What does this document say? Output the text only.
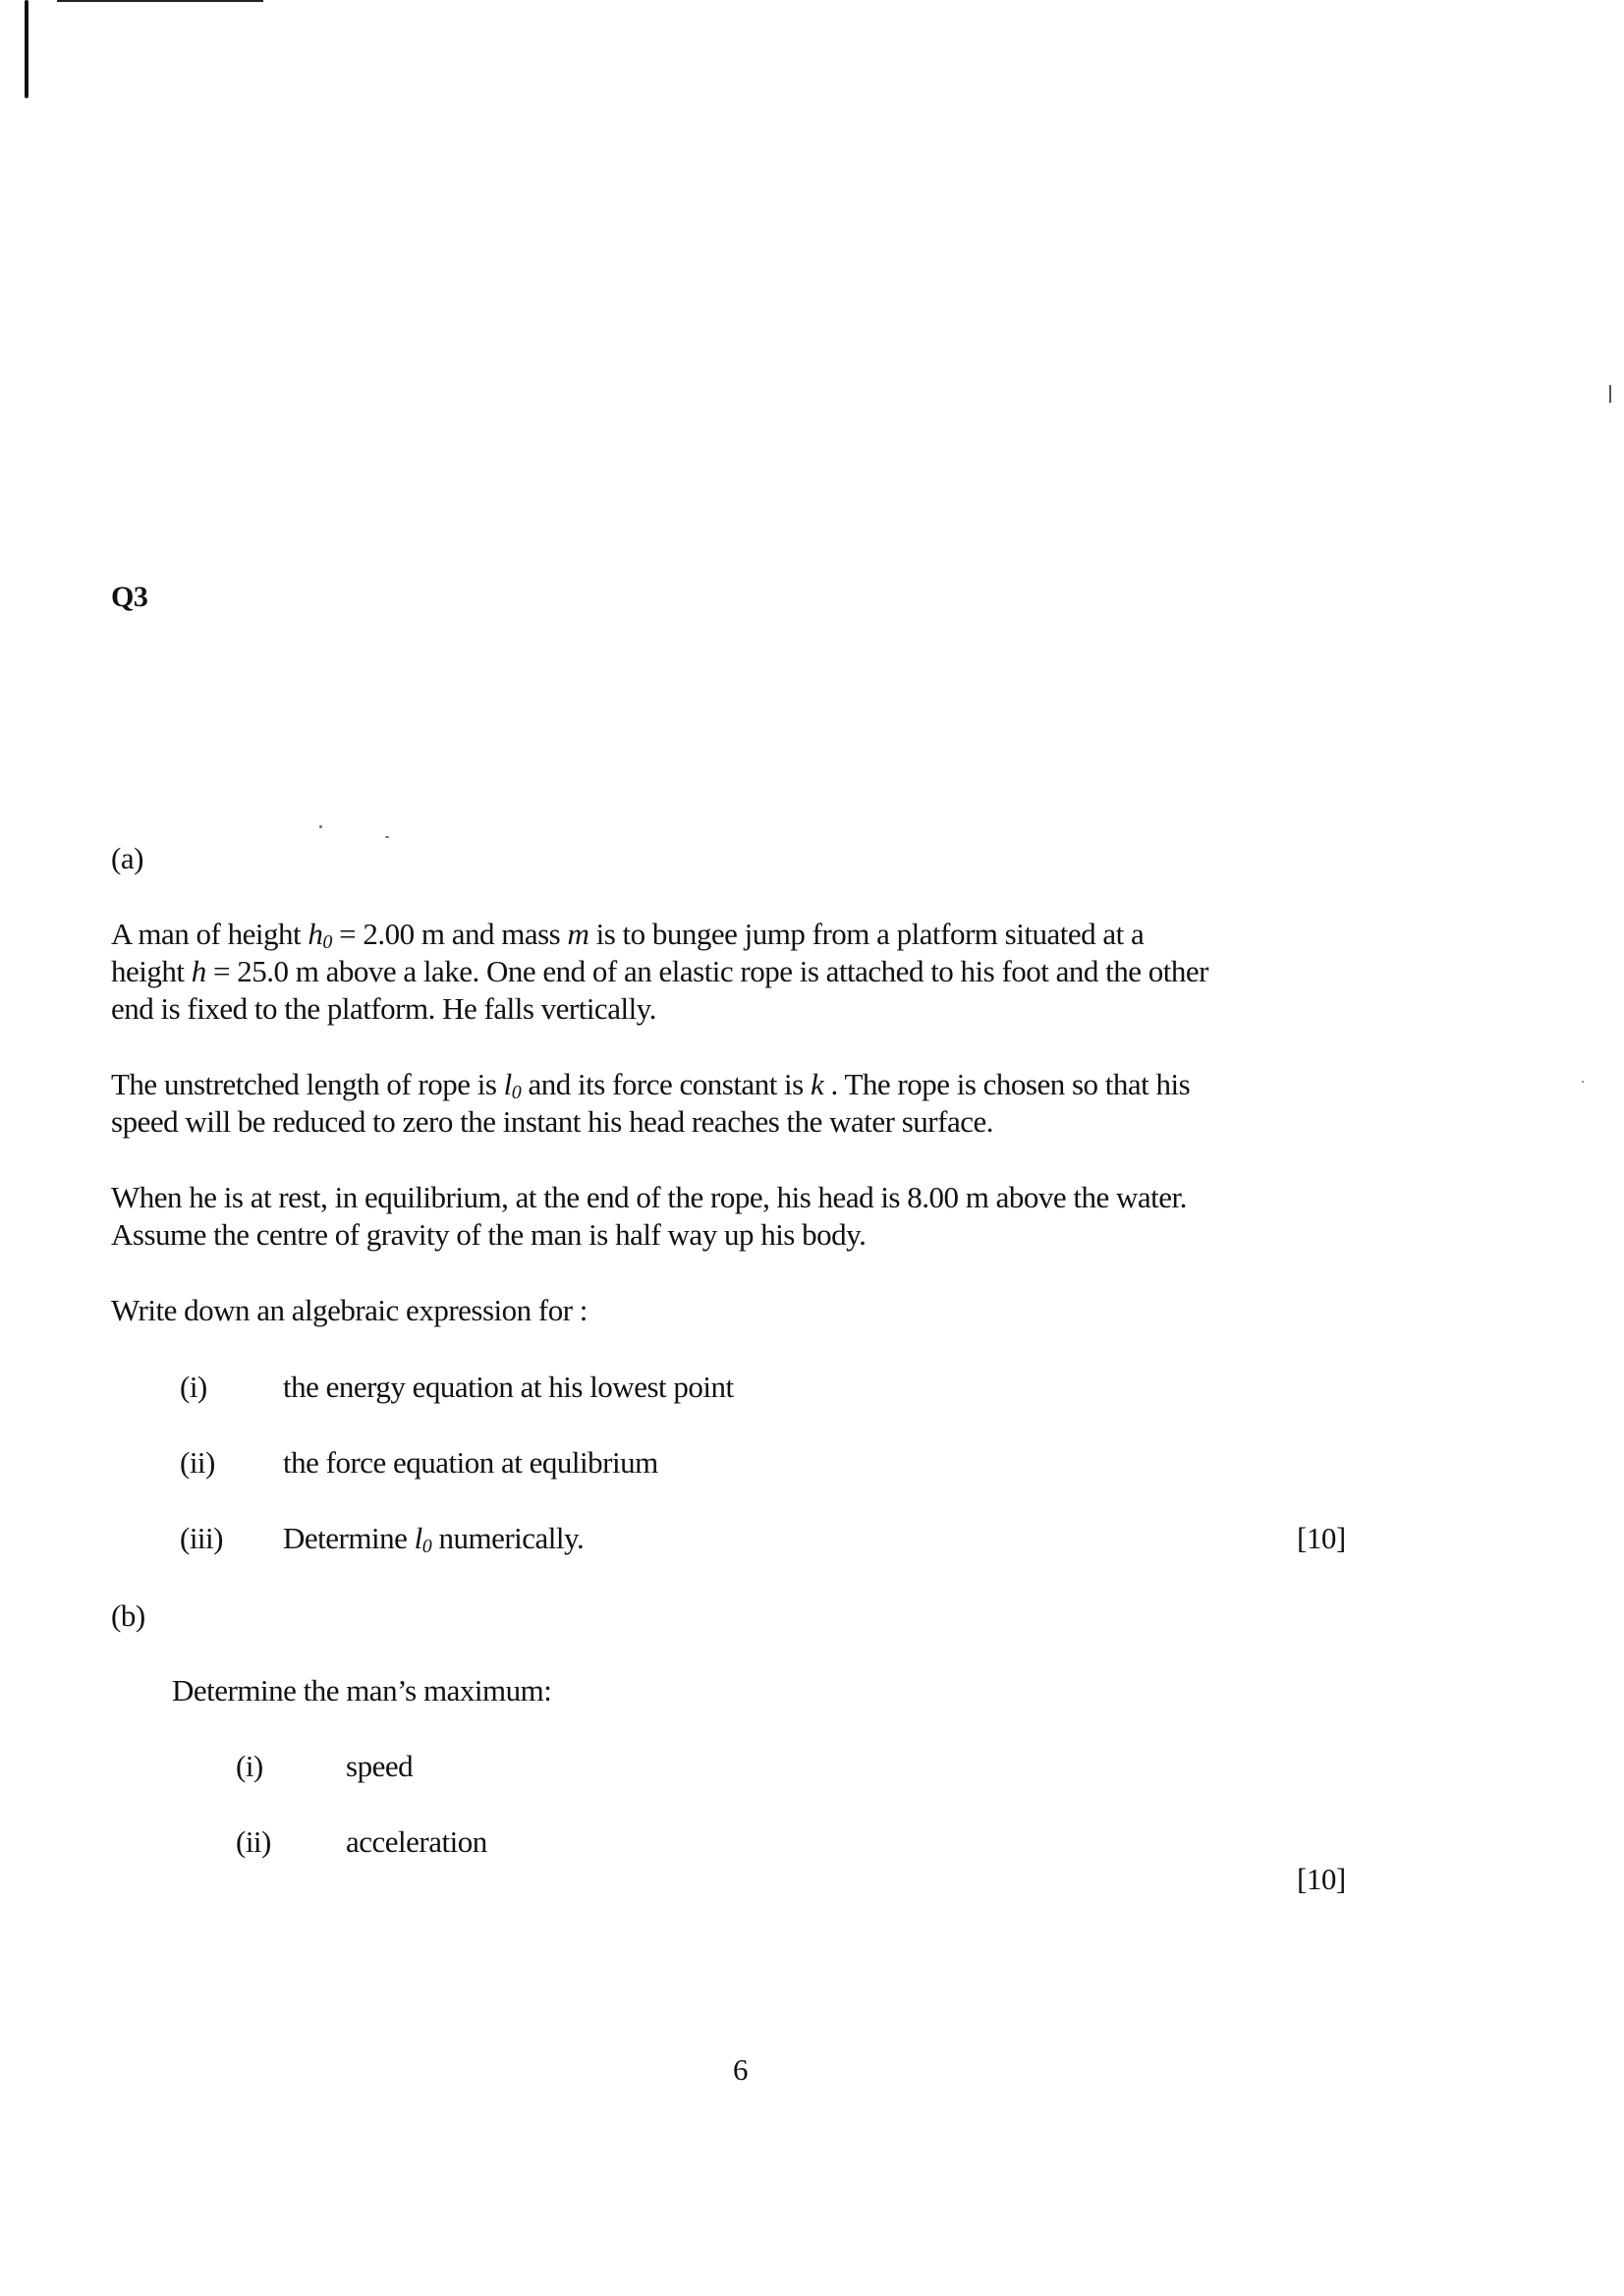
Q3
(a)
A man of height $h_0 = 2.00$ m and mass m is to bungee jump from a platform situated at a
height h = 25.0 m above a lake. One end of an elastic rope is attached to his foot and the other
end is fixed to the platform. He falls vertically.
The unstretched length of rope is $l_0$ and its force constant is k . The rope is chosen so that his
speed will be reduced to zero the instant his head reaches the water surface.
When he is at rest, in equilibrium, at the end of the rope, his head is 8.00 m above the water.
Assume the centre of gravity of the man is half way up his body.
Write down an algebraic expression for :
(i) the energy equation at his lowest point
(ii) the force equation at equlibrium
(iii) Determine $l_0$ numerically.	[10]
(b)
Determine the man’s maximum:
(i)	speed
(ii) acceleration
[10]
6
